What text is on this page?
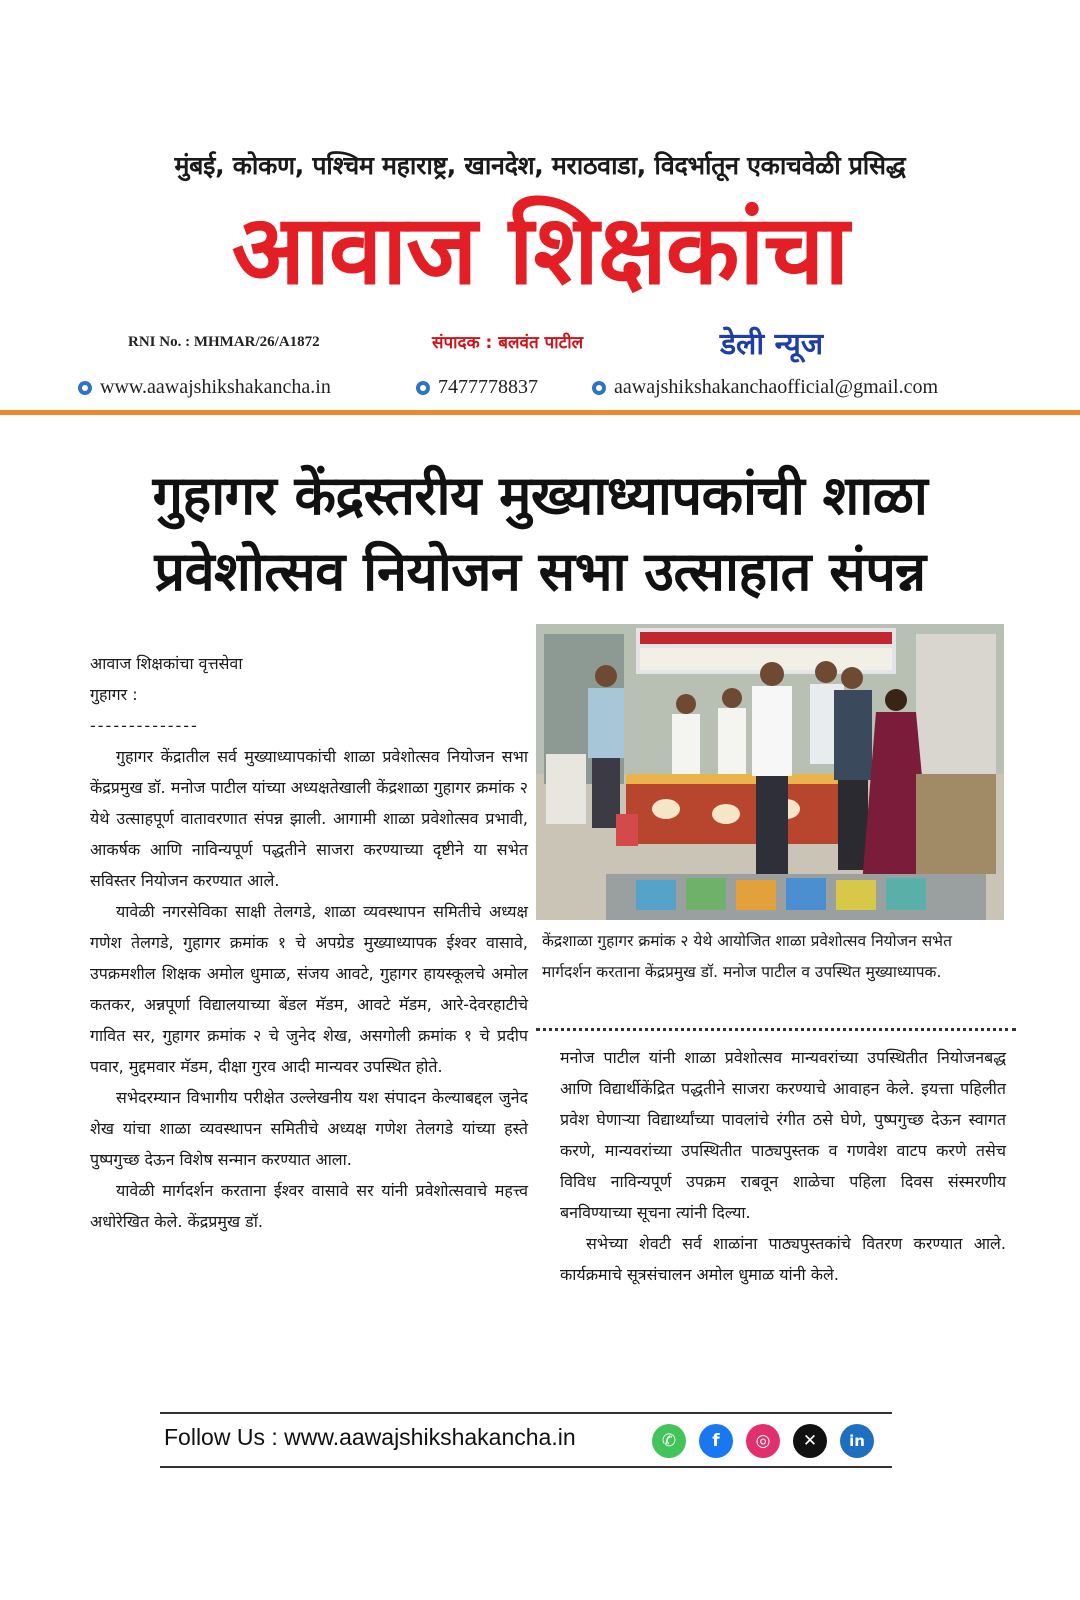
मुंबई, कोकण, पश्चिम महाराष्ट्र, खानदेश, मराठवाडा, विदर्भातून एकाचवेळी प्रसिद्ध
आवाज शिक्षकांचा
RNI No. : MHMAR/26/A1872	संपादक : बलवंत पाटील	डेली न्यूज
www.aawajshikshakancha.in	7477778837	aawajshikshakanchaofficial@gmail.com
गुहागर केंद्रस्तरीय मुख्याध्यापकांची शाळा
प्रवेशोत्सव नियोजन सभा उत्साहात संपन्न

आवाज शिक्षकांचा वृत्तसेवा

गुहागर :

--------------

गुहागर केंद्रातील सर्व मुख्याध्यापकांची शाळा प्रवेशोत्सव नियोजन सभा केंद्रप्रमुख डॉ. मनोज पाटील यांच्या अध्यक्षतेखाली केंद्रशाळा गुहागर क्रमांक २ येथे उत्साहपूर्ण वातावरणात संपन्न झाली. आगामी शाळा प्रवेशोत्सव प्रभावी, आकर्षक आणि नाविन्यपूर्ण पद्धतीने साजरा करण्याच्या दृष्टीने या सभेत सविस्तर नियोजन करण्यात आले.

यावेळी नगरसेविका साक्षी तेलगडे, शाळा व्यवस्थापन समितीचे अध्यक्ष गणेश तेलगडे, गुहागर क्रमांक १ चे अपग्रेड मुख्याध्यापक ईश्वर वासावे, उपक्रमशील शिक्षक अमोल धुमाळ, संजय आवटे, गुहागर हायस्कूलचे अमोल कतकर, अन्नपूर्णा विद्यालयाच्या बेंडल मॅडम, आवटे मॅडम, आरे-देवरहाटीचे गावित सर, गुहागर क्रमांक २ चे जुनेद शेख, असगोली क्रमांक १ चे प्रदीप पवार, मुद्दमवार मॅडम, दीक्षा गुरव आदी मान्यवर उपस्थित होते.

सभेदरम्यान विभागीय परीक्षेत उल्लेखनीय यश संपादन केल्याबद्दल जुनेद शेख यांचा शाळा व्यवस्थापन समितीचे अध्यक्ष गणेश तेलगडे यांच्या हस्ते पुष्पगुच्छ देऊन विशेष सन्मान करण्यात आला.

यावेळी मार्गदर्शन करताना ईश्वर वासावे सर यांनी प्रवेशोत्सवाचे महत्त्व अधोरेखित केले. केंद्रप्रमुख डॉ.

केंद्रशाळा गुहागर क्रमांक २ येथे आयोजित शाळा प्रवेशोत्सव नियोजन सभेत मार्गदर्शन करताना केंद्रप्रमुख डॉ. मनोज पाटील व उपस्थित मुख्याध्यापक.

मनोज पाटील यांनी शाळा प्रवेशोत्सव मान्यवरांच्या उपस्थितीत नियोजनबद्ध आणि विद्यार्थीकेंद्रित पद्धतीने साजरा करण्याचे आवाहन केले. इयत्ता पहिलीत प्रवेश घेणाऱ्या विद्यार्थ्यांच्या पावलांचे रंगीत ठसे घेणे, पुष्पगुच्छ देऊन स्वागत करणे, मान्यवरांच्या उपस्थितीत पाठ्यपुस्तक व गणवेश वाटप करणे तसेच विविध नाविन्यपूर्ण उपक्रम राबवून शाळेचा पहिला दिवस संस्मरणीय बनविण्याच्या सूचना त्यांनी दिल्या.

सभेच्या शेवटी सर्व शाळांना पाठ्यपुस्तकांचे वितरण करण्यात आले. कार्यक्रमाचे सूत्रसंचालन अमोल धुमाळ यांनी केले.

Follow Us : www.aawajshikshakancha.in	✆	f	◎	✕	in
